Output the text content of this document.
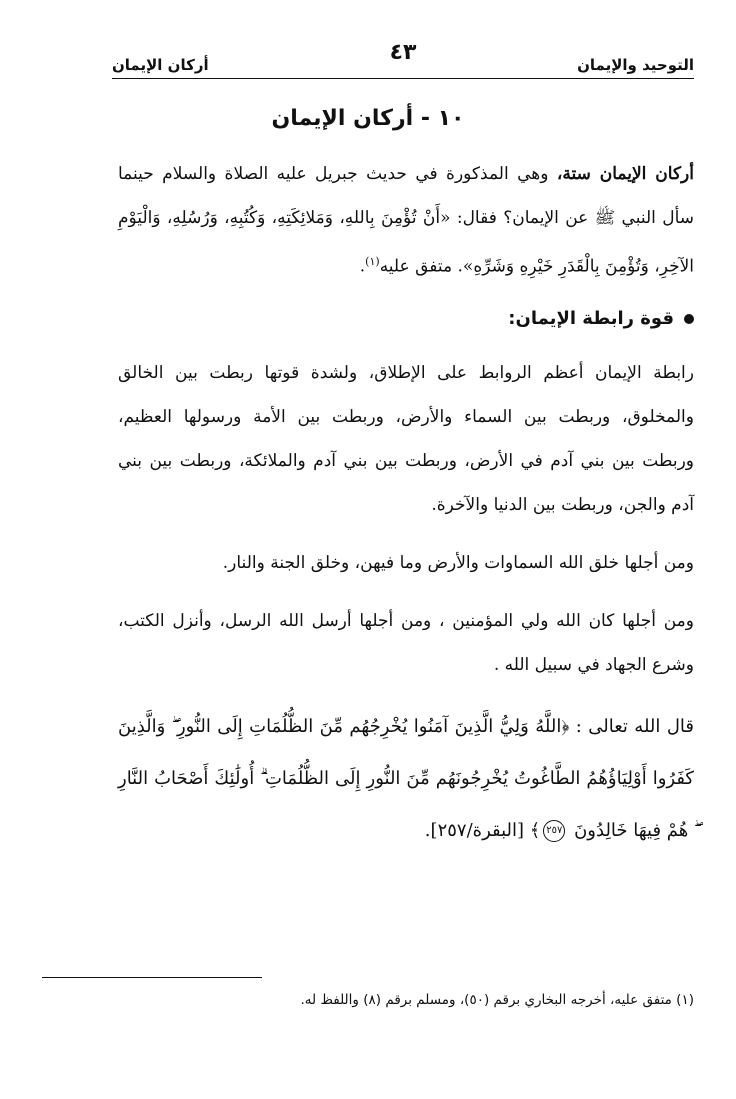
التوحيد والإيمان
٤٣
أركان الإيمان
١٠ - أركان الإيمان

أركان الإيمان ستة، وهي المذكورة في حديث جبريل عليه الصلاة والسلام حينما سأل النبي ﷺ عن الإيمان؟ فقال: «أَنْ تُؤْمِنَ بِاللهِ، وَمَلائِكَتِهِ، وَكُتُبِهِ، وَرُسُلِهِ، وَالْيَوْمِ الآخِرِ، وَتُؤْمِنَ بِالْقَدَرِ خَيْرِهِ وَشَرِّهِ». متفق عليه$^{(١)}$.

قوة رابطة الإيمان:

رابطة الإيمان أعظم الروابط على الإطلاق، ولشدة قوتها ربطت بين الخالق والمخلوق، وربطت بين السماء والأرض، وربطت بين الأمة ورسولها العظيم، وربطت بين بني آدم في الأرض، وربطت بين بني آدم والملائكة، وربطت بين بني آدم والجن، وربطت بين الدنيا والآخرة.

ومن أجلها خلق الله السماوات والأرض وما فيهن، وخلق الجنة والنار.

ومن أجلها كان الله ولي المؤمنين ، ومن أجلها أرسل الله الرسل، وأنزل الكتب، وشرع الجهاد في سبيل الله .

قال الله تعالى : ﴿اللَّهُ وَلِيُّ الَّذِينَ آمَنُوا يُخْرِجُهُم مِّنَ الظُّلُمَاتِ إِلَى النُّورِ ۖ وَالَّذِينَ كَفَرُوا أَوْلِيَاؤُهُمُ الطَّاغُوتُ يُخْرِجُونَهُم مِّنَ النُّورِ إِلَى الظُّلُمَاتِ ۗ أُولَٰئِكَ أَصْحَابُ النَّارِ ۖ هُمْ فِيهَا خَالِدُونَ ٢٥٧﴾ [البقرة/٢٥٧].

(١) متفق عليه، أخرجه البخاري برقم (٥٠)، ومسلم برقم (٨) واللفظ له.
